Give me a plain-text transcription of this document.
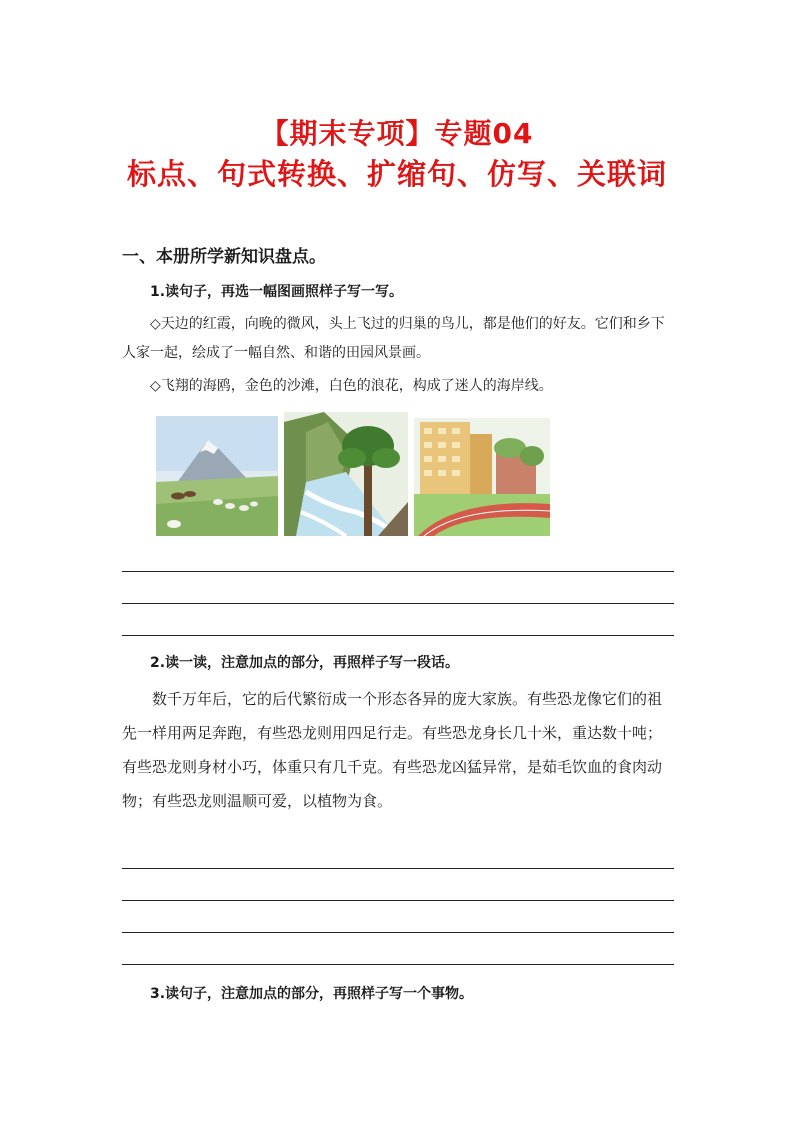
【期末专项】专题04
标点、句式转换、扩缩句、仿写、关联词
一、本册所学新知识盘点。
1.读句子，再选一幅图画照样子写一写。
◇天边的红霞，向晚的微风，头上飞过的归巢的鸟儿，都是他们的好友。它们和乡下人家一起，绘成了一幅自然、和谐的田园风景画。
◇飞翔的海鸥，金色的沙滩，白色的浪花，构成了迷人的海岸线。
2.读一读，注意加点的部分，再照样子写一段话。
数千万年后，它的后代繁衍成一个形态各异的庞大家族。有些恐龙像它们的祖先一样用两足奔跑，有些恐龙则用四足行走。有些恐龙身长几十米，重达数十吨；有些恐龙则身材小巧，体重只有几千克。有些恐龙凶猛异常，是茹毛饮血的食肉动物；有些恐龙则温顺可爱，以植物为食。
3.读句子，注意加点的部分，再照样子写一个事物。
